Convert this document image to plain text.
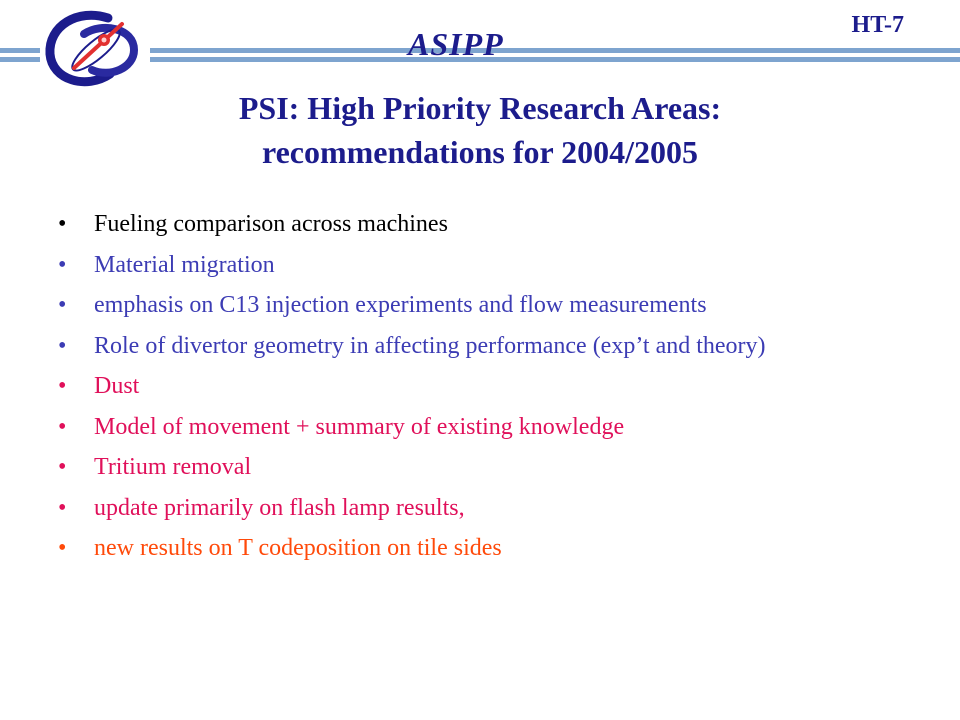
ASIPP
HT-7
PSI: High Priority Research Areas:
recommendations for 2004/2005
• Fueling comparison across machines
• Material migration
• emphasis on C13 injection experiments and flow measurements
• Role of divertor geometry in affecting performance (exp’t and theory)
• Dust
• Model of movement + summary of existing knowledge
• Tritium removal
• update primarily on flash lamp results,
• new results on T codeposition on tile sides
